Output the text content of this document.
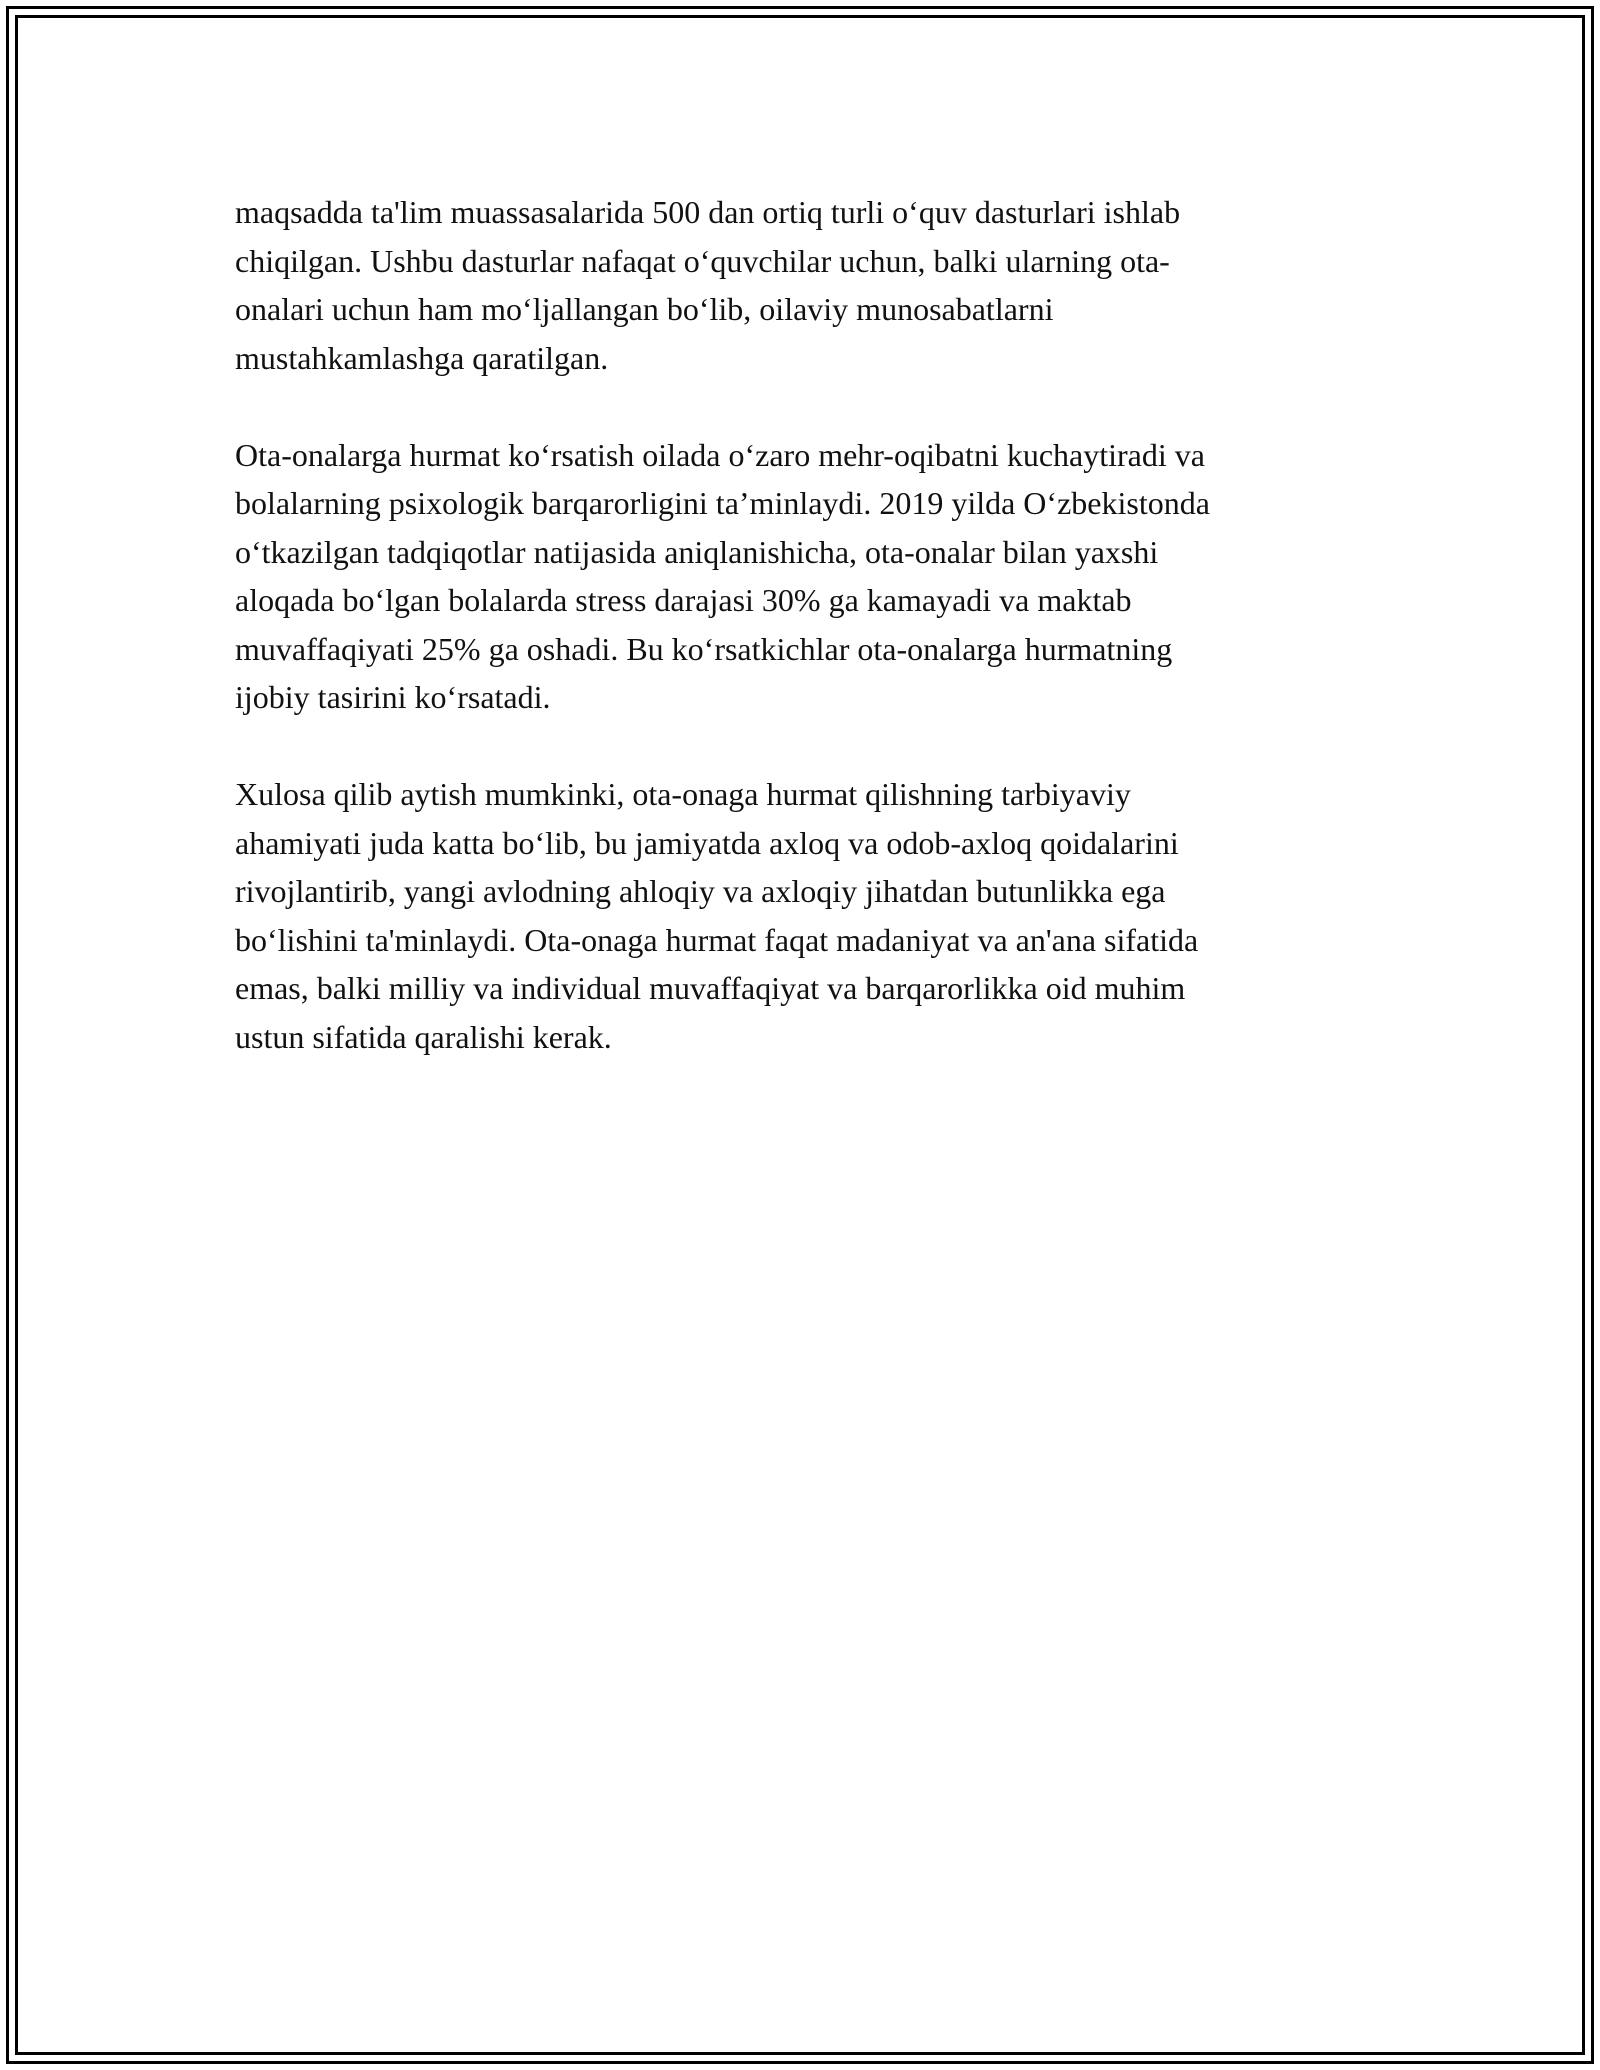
maqsadda ta'lim muassasalarida 500 dan ortiq turli o‘quv dasturlari ishlab
chiqilgan. Ushbu dasturlar nafaqat o‘quvchilar uchun, balki ularning ota-
onalari uchun ham mo‘ljallangan bo‘lib, oilaviy munosabatlarni
mustahkamlashga qaratilgan.

Ota-onalarga hurmat ko‘rsatish oilada o‘zaro mehr-oqibatni kuchaytiradi va
bolalarning psixologik barqarorligini ta’minlaydi. 2019 yilda O‘zbekistonda
o‘tkazilgan tadqiqotlar natijasida aniqlanishicha, ota-onalar bilan yaxshi
aloqada bo‘lgan bolalarda stress darajasi 30% ga kamayadi va maktab
muvaffaqiyati 25% ga oshadi. Bu ko‘rsatkichlar ota-onalarga hurmatning
ijobiy tasirini ko‘rsatadi.

Xulosa qilib aytish mumkinki, ota-onaga hurmat qilishning tarbiyaviy
ahamiyati juda katta bo‘lib, bu jamiyatda axloq va odob-axloq qoidalarini
rivojlantirib, yangi avlodning ahloqiy va axloqiy jihatdan butunlikka ega
bo‘lishini ta'minlaydi. Ota-onaga hurmat faqat madaniyat va an'ana sifatida
emas, balki milliy va individual muvaffaqiyat va barqarorlikka oid muhim
ustun sifatida qaralishi kerak.
